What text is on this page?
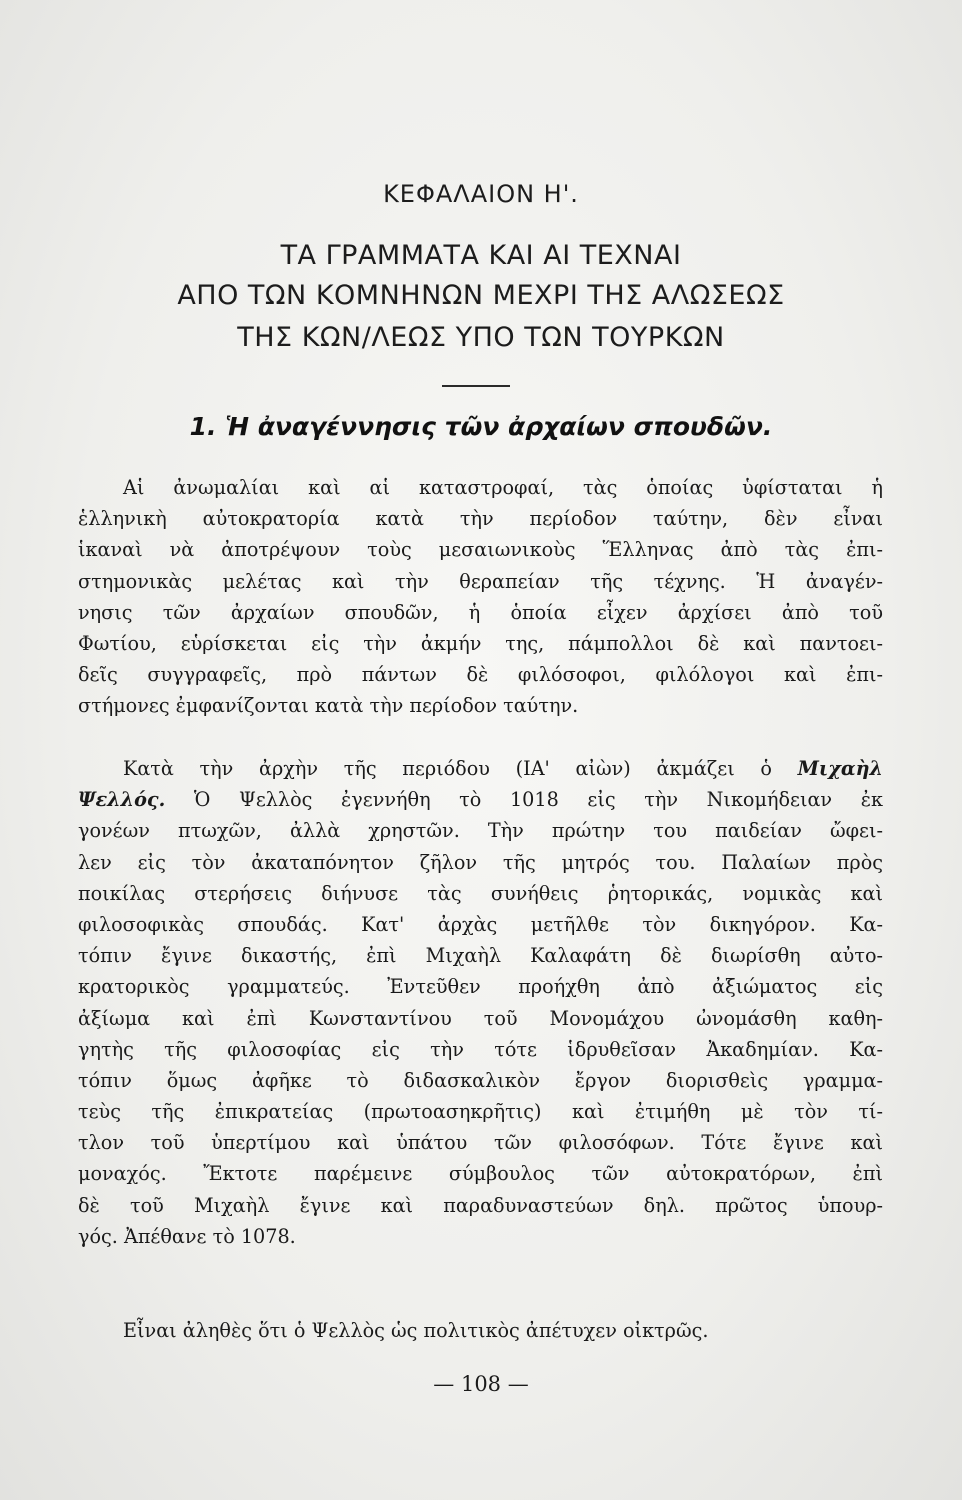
ΚΕΦΑΛΑΙΟΝ Η'.
ΤΑ ΓΡΑΜΜΑΤΑ ΚΑΙ ΑΙ ΤΕΧΝΑΙ
ΑΠΟ ΤΩΝ ΚΟΜΝΗΝΩΝ ΜΕΧΡΙ ΤΗΣ ΑΛΩΣΕΩΣ
ΤΗΣ ΚΩΝ/ΛΕΩΣ ΥΠΟ ΤΩΝ ΤΟΥΡΚΩΝ
1. Ἡ ἀναγέννησις τῶν ἀρχαίων σπουδῶν.
Αἱ ἀνωμαλίαι καὶ αἱ καταστροφαί, τὰς ὁποίας ὑφίσταται ἡ
ἑλληνικὴ αὐτοκρατορία κατὰ τὴν περίοδον ταύτην, δὲν εἶναι
ἱκαναὶ νὰ ἀποτρέψουν τοὺς μεσαιωνικοὺς Ἕλληνας ἀπὸ τὰς ἐπι-
στημονικὰς μελέτας καὶ τὴν θεραπείαν τῆς τέχνης. Ἡ ἀναγέν-
νησις τῶν ἀρχαίων σπουδῶν, ἡ ὁποία εἶχεν ἀρχίσει ἀπὸ τοῦ
Φωτίου, εὑρίσκεται εἰς τὴν ἀκμήν της, πάμπολλοι δὲ καὶ παντοει-
δεῖς συγγραφεῖς, πρὸ πάντων δὲ φιλόσοφοι, φιλόλογοι καὶ ἐπι-
στήμονες ἐμφανίζονται κατὰ τὴν περίοδον ταύτην.
Κατὰ τὴν ἀρχὴν τῆς περιόδου (ΙΑ' αἰὼν) ἀκμάζει ὁ Μιχαὴλ
Ψελλός. Ὁ Ψελλὸς ἐγεννήθη τὸ 1018 εἰς τὴν Νικομήδειαν ἐκ
γονέων πτωχῶν, ἀλλὰ χρηστῶν. Τὴν πρώτην του παιδείαν ὤφει-
λεν εἰς τὸν ἀκαταπόνητον ζῆλον τῆς μητρός του. Παλαίων πρὸς
ποικίλας στερήσεις διήνυσε τὰς συνήθεις ῥητορικάς, νομικὰς καὶ
φιλοσοφικὰς σπουδάς. Κατ' ἀρχὰς μετῆλθε τὸν δικηγόρον. Κα-
τόπιν ἔγινε δικαστής, ἐπὶ Μιχαὴλ Καλαφάτη δὲ διωρίσθη αὐτο-
κρατορικὸς γραμματεύς. Ἐντεῦθεν προήχθη ἀπὸ ἀξιώματος εἰς
ἀξίωμα καὶ ἐπὶ Κωνσταντίνου τοῦ Μονομάχου ὠνομάσθη καθη-
γητὴς τῆς φιλοσοφίας εἰς τὴν τότε ἱδρυθεῖσαν Ἀκαδημίαν. Κα-
τόπιν ὅμως ἀφῆκε τὸ διδασκαλικὸν ἔργον διορισθεὶς γραμμα-
τεὺς τῆς ἐπικρατείας (πρωτοασηκρῆτις) καὶ ἐτιμήθη μὲ τὸν τί-
τλον τοῦ ὑπερτίμου καὶ ὑπάτου τῶν φιλοσόφων. Τότε ἔγινε καὶ
μοναχός. Ἔκτοτε παρέμεινε σύμβουλος τῶν αὐτοκρατόρων, ἐπὶ
δὲ τοῦ Μιχαὴλ ἔγινε καὶ παραδυναστεύων δηλ. πρῶτος ὑπουρ-
γός. Ἀπέθανε τὸ 1078.
Εἶναι ἀληθὲς ὅτι ὁ Ψελλὸς ὡς πολιτικὸς ἀπέτυχεν οἰκτρῶς.
— 108 —
